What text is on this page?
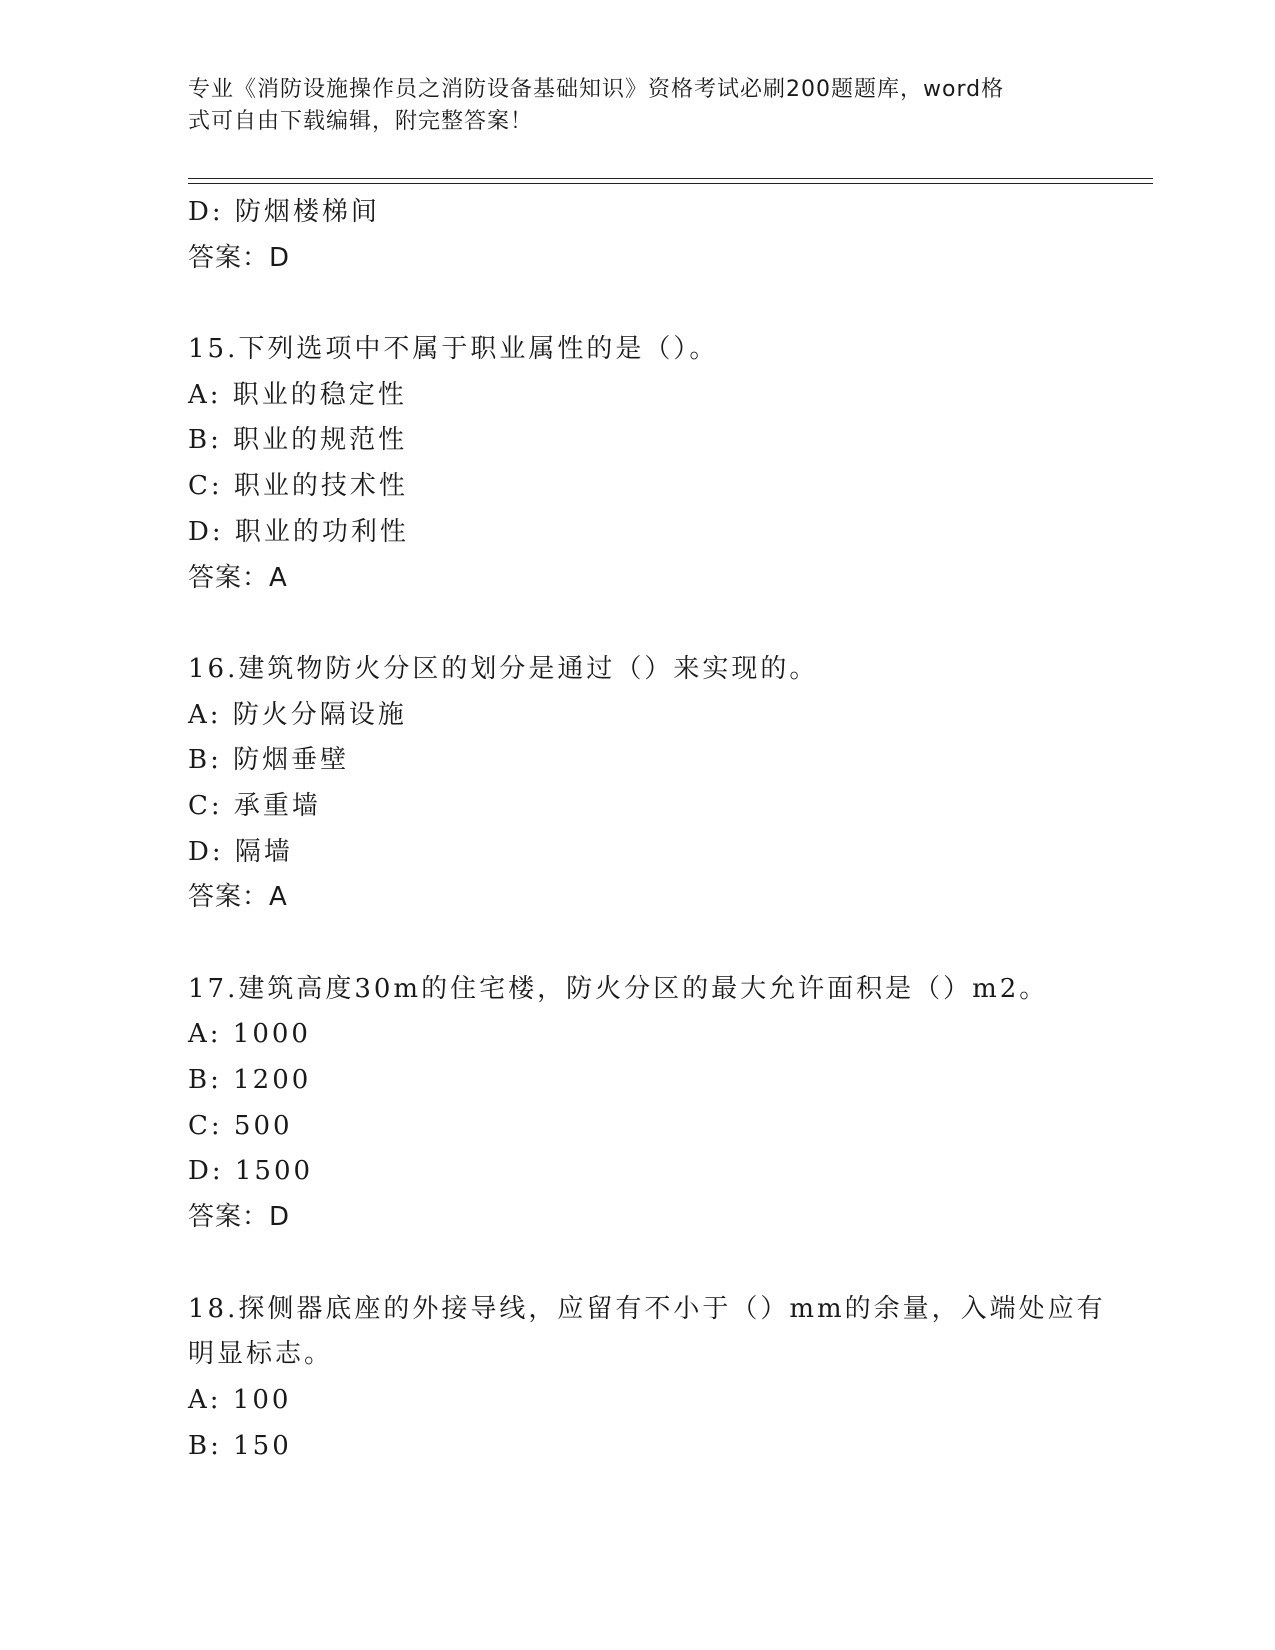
专业《消防设施操作员之消防设备基础知识》资格考试必刷200题题库，word格
式可自由下载编辑，附完整答案！
D: 防烟楼梯间
答案：D
15.下列选项中不属于职业属性的是（）。
A: 职业的稳定性
B: 职业的规范性
C: 职业的技术性
D: 职业的功利性
答案：A
16.建筑物防火分区的划分是通过（）来实现的。
A: 防火分隔设施
B: 防烟垂壁
C: 承重墙
D: 隔墙
答案：A
17.建筑高度30m的住宅楼，防火分区的最大允许面积是（）m2。
A: 1000
B: 1200
C: 500
D: 1500
答案：D
18.探侧器底座的外接导线，应留有不小于（）mm的余量，入端处应有
明显标志。
A: 100
B: 150
